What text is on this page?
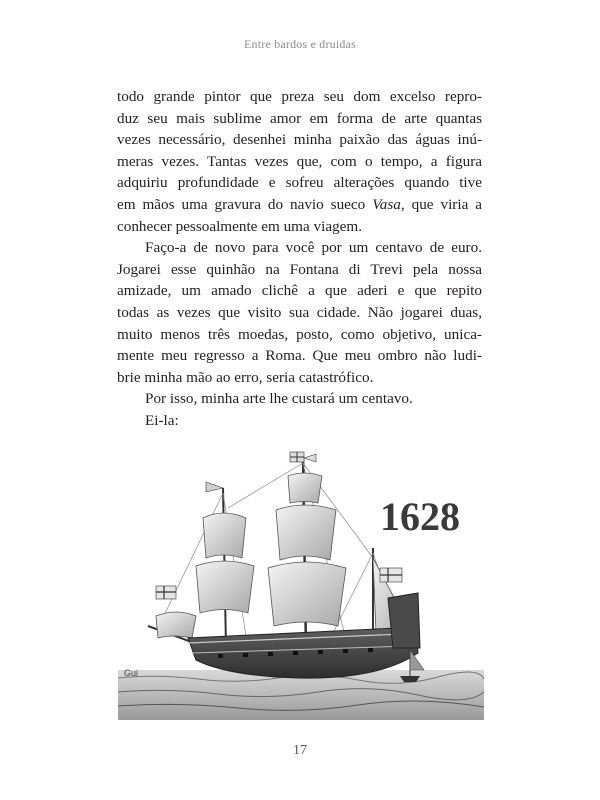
Entre bardos e druidas
todo grande pintor que preza seu dom excelso repro-
duz seu mais sublime amor em forma de arte quantas
vezes necessário, desenhei minha paixão das águas inú-
meras vezes. Tantas vezes que, com o tempo, a figura
adquiriu profundidade e sofreu alterações quando tive
em mãos uma gravura do navio sueco Vasa, que viria a
conhecer pessoalmente em uma viagem.
Faço-a de novo para você por um centavo de euro.
Jogarei esse quinhão na Fontana di Trevi pela nossa
amizade, um amado clichê a que aderi e que repito
todas as vezes que visito sua cidade. Não jogarei duas,
muito menos três moedas, posto, como objetivo, unica-
mente meu regresso a Roma. Que meu ombro não ludi-
brie minha mão ao erro, seria catastrófico.
Por isso, minha arte lhe custará um centavo.
Ei-la:
1628
Gui
17
